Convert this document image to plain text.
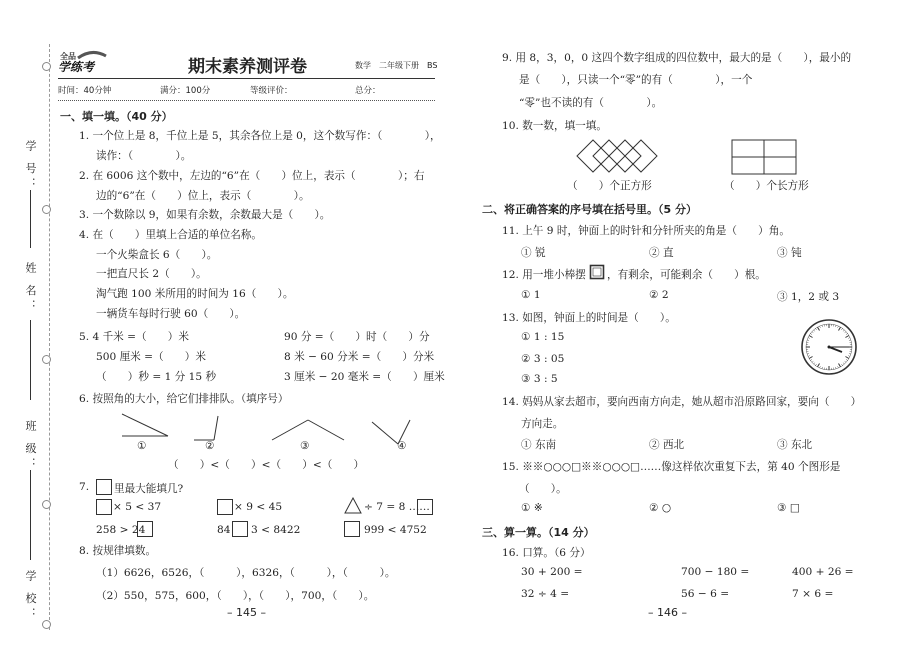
学 号：
姓 名：
班 级：
学 校：
全品
学练考	期末素养测评卷	数学　二年级下册　BS
时间：40分钟	满分：100分	等级评价：	总分：
一、填一填。（40 分）
1. 一个位上是 8，千位上是 5，其余各位上是 0，这个数写作：（　　　　），
读作：（　　　　）。
2. 在 6006 这个数中，左边的“6”在（　　）位上，表示（　　　　）；右
边的“6”在（　　）位上，表示（　　　　）。
3. 一个数除以 9，如果有余数，余数最大是（　　）。
4. 在（　　）里填上合适的单位名称。
一个火柴盒长 6（　　）。
一把直尺长 2（　　）。
淘气跑 100 米所用的时间为 16（　　）。
一辆货车每时行驶 60（　　）。
5. 4 千米 =（　　）米	90 分 =（　　）时（　　）分
500 厘米 =（　　）米	8 米 − 60 分米 =（　　）分米
（　　）秒 = 1 分 15 秒	3 厘米 − 20 毫米 =（　　）厘米
6. 按照角的大小，给它们排排队。（填序号）
①	②	③	④
（　　）<（　　）<（　　）<（　　）
7. 里最大能填几?
× 5 < 37	× 9 < 45	÷ 7 = 8 ……
258 > 24	84 3 < 8422	999 < 4752
8. 按规律填数。
（1）6626，6526，（　　　），6326，（　　　），（　　　）。
（2）550，575，600，（　　），（　　），700，（　　）。
– 145 –
9. 用 8，3，0，0 这四个数字组成的四位数中，最大的是（　　），最小的
是（　　），只读一个“零”的有（　　　　），一个
“零”也不读的有（　　　　）。
10. 数一数，填一填。
（　　）个正方形	（　　）个长方形
二、将正确答案的序号填在括号里。（5 分）
11. 上午 9 时，钟面上的时针和分针所夹的角是（　　）角。
① 锐	② 直	③ 钝
12. 用一堆小棒摆 ，有剩余，可能剩余（　　）根。
① 1	② 2	③ 1，2 或 3
13. 如图，钟面上的时间是（　　）。
① 1 : 15
② 3 : 05
③ 3 : 5
14. 妈妈从家去超市，要向西南方向走，她从超市沿原路回家，要向（　　）
方向走。
① 东南	② 西北	③ 东北
15. ※※○○○□※※○○○□……像这样依次重复下去，第 40 个图形是
（　　）。
① ※	② ○	③ □
三、算一算。（14 分）
16. 口算。（6 分）
30 + 200 =	700 − 180 =	400 + 26 =
32 ÷ 4 =	56 − 6 =	7 × 6 =
– 146 –
